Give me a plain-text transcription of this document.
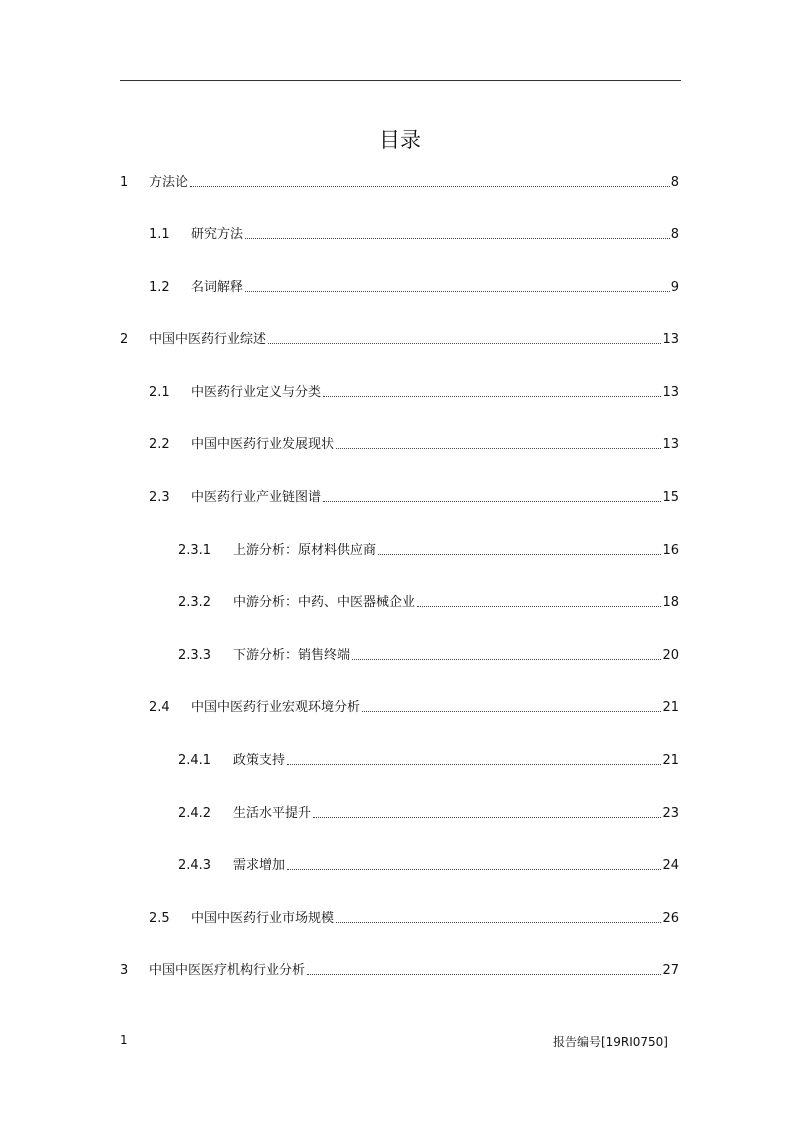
目录
1	方法论	8
1.1	研究方法	8
1.2	名词解释	9
2	中国中医药行业综述	13
2.1	中医药行业定义与分类	13
2.2	中国中医药行业发展现状	13
2.3	中医药行业产业链图谱	15
2.3.1	上游分析：原材料供应商	16
2.3.2	中游分析：中药、中医器械企业	18
2.3.3	下游分析：销售终端	20
2.4	中国中医药行业宏观环境分析	21
2.4.1	政策支持	21
2.4.2	生活水平提升	23
2.4.3	需求增加	24
2.5	中国中医药行业市场规模	26
3	中国中医医疗机构行业分析	27
1	报告编号[19RI0750]
